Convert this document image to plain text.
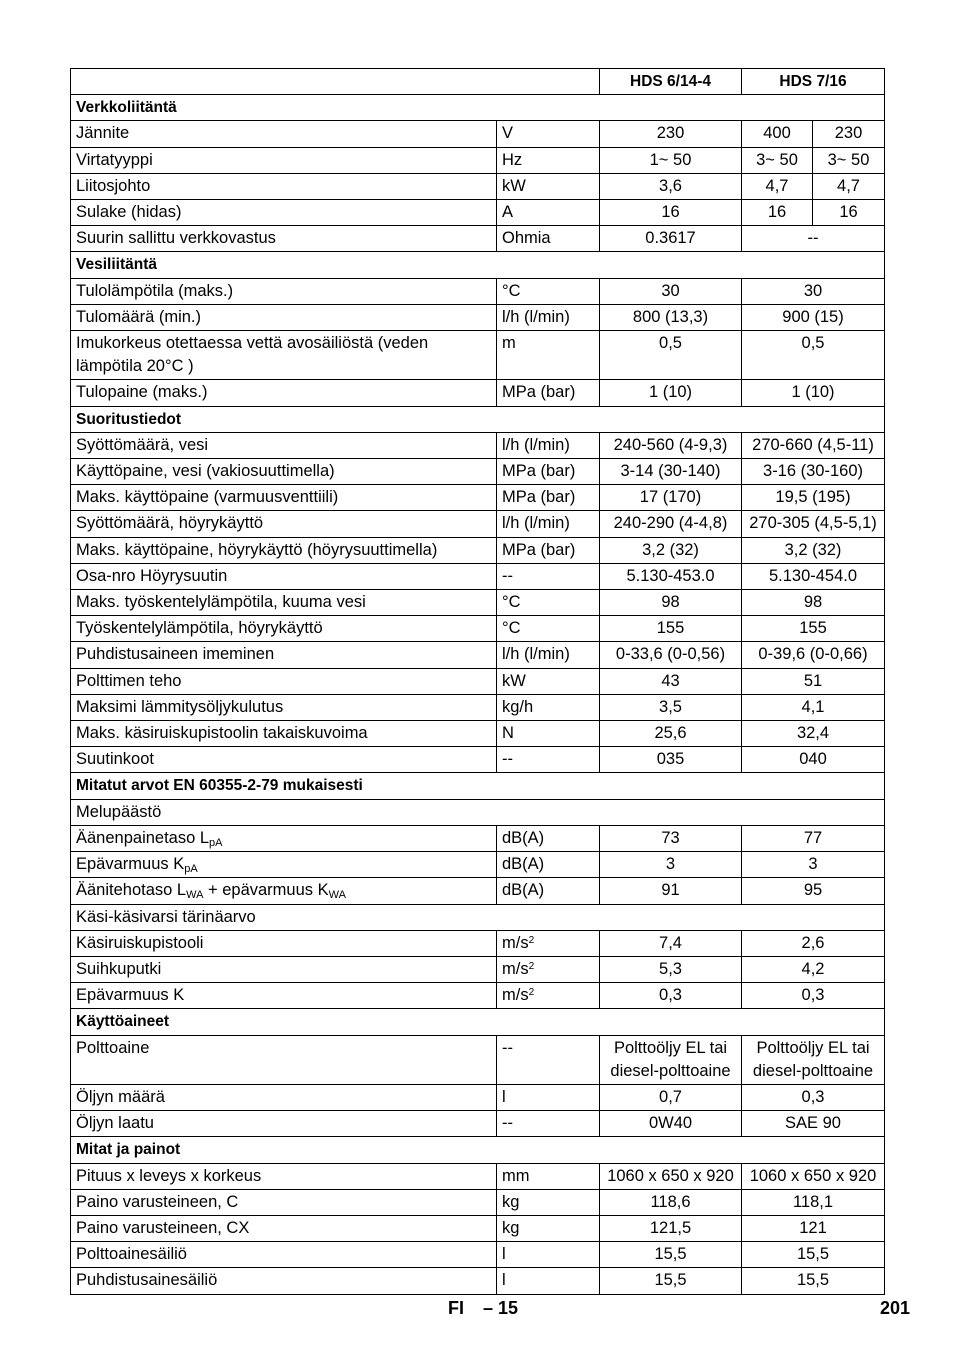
		HDS 6/14-4	HDS 7/16	
Verkkoliitäntä				
Jännite	V	230	400	230
Virtatyyppi	Hz	1~ 50	3~ 50	3~ 50
Liitosjohto	kW	3,6	4,7	4,7
Sulake (hidas)	A	16	16	16
Suurin sallittu verkkovastus	Ohmia	0.3617	--	
Vesiliitäntä				
Tulolämpötila (maks.)	°C	30	30	
Tulomäärä (min.)	l/h (l/min)	800 (13,3)	900 (15)	
Imukorkeus otettaessa vettä avosäiliöstä (veden lämpötila 20°C )	m	0,5	0,5	
Tulopaine (maks.)	MPa (bar)	1 (10)	1 (10)	
Suoritustiedot				
Syöttömäärä, vesi	l/h (l/min)	240-560 (4-9,3)	270-660 (4,5-11)	
Käyttöpaine, vesi (vakiosuuttimella)	MPa (bar)	3-14 (30-140)	3-16 (30-160)	
Maks. käyttöpaine (varmuusventtiili)	MPa (bar)	17 (170)	19,5 (195)	
Syöttömäärä, höyrykäyttö	l/h (l/min)	240-290 (4-4,8)	270-305 (4,5-5,1)	
Maks. käyttöpaine, höyrykäyttö (höyrysuuttimella)	MPa (bar)	3,2 (32)	3,2 (32)	
Osa-nro Höyrysuutin	--	5.130-453.0	5.130-454.0	
Maks. työskentelylämpötila, kuuma vesi	°C	98	98	
Työskentelylämpötila, höyrykäyttö	°C	155	155	
Puhdistusaineen imeminen	l/h (l/min)	0-33,6 (0-0,56)	0-39,6 (0-0,66)	
Polttimen teho	kW	43	51	
Maksimi lämmitysöljykulutus	kg/h	3,5	4,1	
Maks. käsiruiskupistoolin takaiskuvoima	N	25,6	32,4	
Suutinkoot	--	035	040	
Mitatut arvot EN 60355-2-79 mukaisesti				
Melupäästö				
Äänenpainetaso $L_{pA}$	dB(A)	73	77	
Epävarmuus $K_{pA}$	dB(A)	3	3	
Äänitehotaso $L_{WA}$ + epävarmuus $K_{WA}$	dB(A)	91	95	
Käsi-käsivarsi tärinäarvo				
Käsiruiskupistooli	$m/s^2$	7,4	2,6	
Suihkuputki	$m/s^2$	5,3	4,2	
Epävarmuus K	$m/s^2$	0,3	0,3	
Käyttöaineet				
Polttoaine	--	Polttoöljy EL tai diesel-polttoaine	Polttoöljy EL tai diesel-polttoaine	
Öljyn määrä	l	0,7	0,3	
Öljyn laatu	--	0W40	SAE 90	
Mitat ja painot				
Pituus x leveys x korkeus	mm	1060 x 650 x 920	1060 x 650 x 920	
Paino varusteineen, C	kg	118,6	118,1	
Paino varusteineen, CX	kg	121,5	121	
Polttoainesäiliö	l	15,5	15,5	
Puhdistusainesäiliö	l	15,5	15,5	
FI – 15	201
